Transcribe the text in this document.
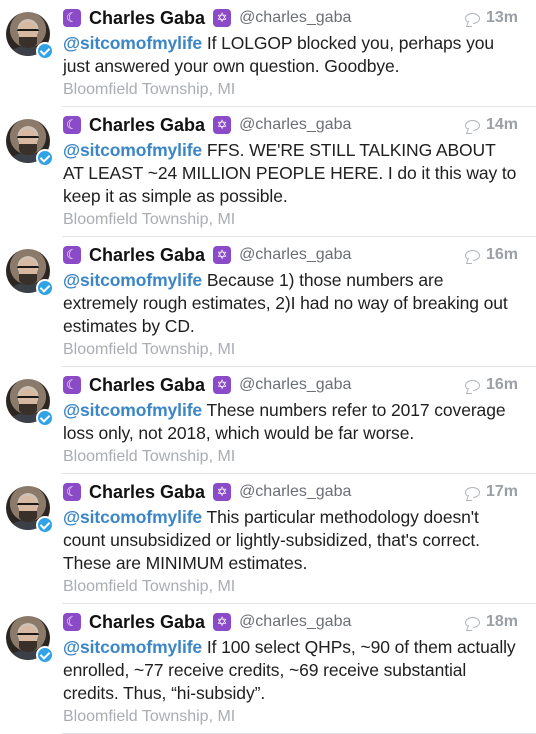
☾ Charles Gaba ✡ @charles_gaba	13m
@sitcomofmylife If LOLGOP blocked you, perhaps you just answered your own question. Goodbye.
Bloomfield Township, MI
☾ Charles Gaba ✡ @charles_gaba	14m
@sitcomofmylife FFS. WE'RE STILL TALKING ABOUT AT LEAST ~24 MILLION PEOPLE HERE. I do it this way to keep it as simple as possible.
Bloomfield Township, MI
☾ Charles Gaba ✡ @charles_gaba	16m
@sitcomofmylife Because 1) those numbers are extremely rough estimates, 2)I had no way of breaking out estimates by CD.
Bloomfield Township, MI
☾ Charles Gaba ✡ @charles_gaba	16m
@sitcomofmylife These numbers refer to 2017 coverage loss only, not 2018, which would be far worse.
Bloomfield Township, MI
☾ Charles Gaba ✡ @charles_gaba	17m
@sitcomofmylife This particular methodology doesn't count unsubsidized or lightly-subsidized, that's correct. These are MINIMUM estimates.
Bloomfield Township, MI
☾ Charles Gaba ✡ @charles_gaba	18m
@sitcomofmylife If 100 select QHPs, ~90 of them actually enrolled, ~77 receive credits, ~69 receive substantial credits. Thus, “hi-subsidy”.
Bloomfield Township, MI
